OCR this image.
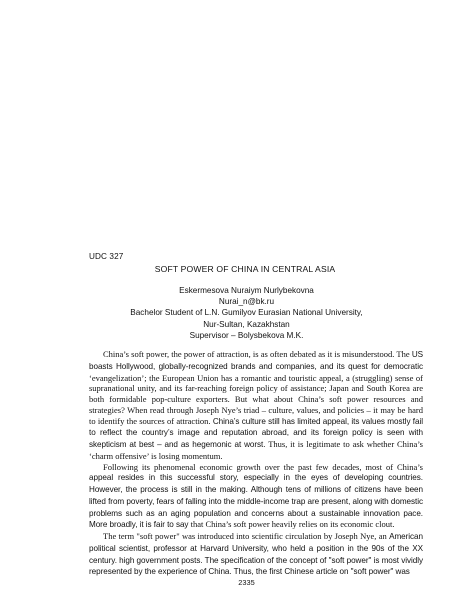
UDC 327
SOFT POWER OF CHINA IN CENTRAL ASIA
Eskermesova Nuraiym Nurlybekovna
Nurai_n@bk.ru
Bachelor Student of L.N. Gumilyov Eurasian National University,
Nur-Sultan, Kazakhstan
Supervisor – Bolysbekova M.K.

China’s soft power, the power of attraction, is as often debated as it is misunderstood. The US boasts Hollywood, globally-recognized brands and companies, and its quest for democratic ‘evangelization’; the European Union has a romantic and touristic appeal, a (struggling) sense of supranational unity, and its far-reaching foreign policy of assistance; Japan and South Korea are both formidable pop-culture exporters. But what about China’s soft power resources and strategies? When read through Joseph Nye’s triad – culture, values, and policies – it may be hard to identify the sources of attraction. China’s culture still has limited appeal, its values mostly fail to reflect the country’s image and reputation abroad, and its foreign policy is seen with skepticism at best – and as hegemonic at worst. Thus, it is legitimate to ask whether China’s ‘charm offensive’ is losing momentum.

Following its phenomenal economic growth over the past few decades, most of China’s appeal resides in this successful story, especially in the eyes of developing countries. However, the process is still in the making. Although tens of millions of citizens have been lifted from poverty, fears of falling into the middle-income trap are present, along with domestic problems such as an aging population and concerns about a sustainable innovation pace. More broadly, it is fair to say that China’s soft power heavily relies on its economic clout.

The term "soft power" was introduced into scientific circulation by Joseph Nye, an American political scientist, professor at Harvard University, who held a position in the 90s of the XX century. high government posts. The specification of the concept of "soft power" is most vividly represented by the experience of China. Thus, the first Chinese article on "soft power" was

2335
